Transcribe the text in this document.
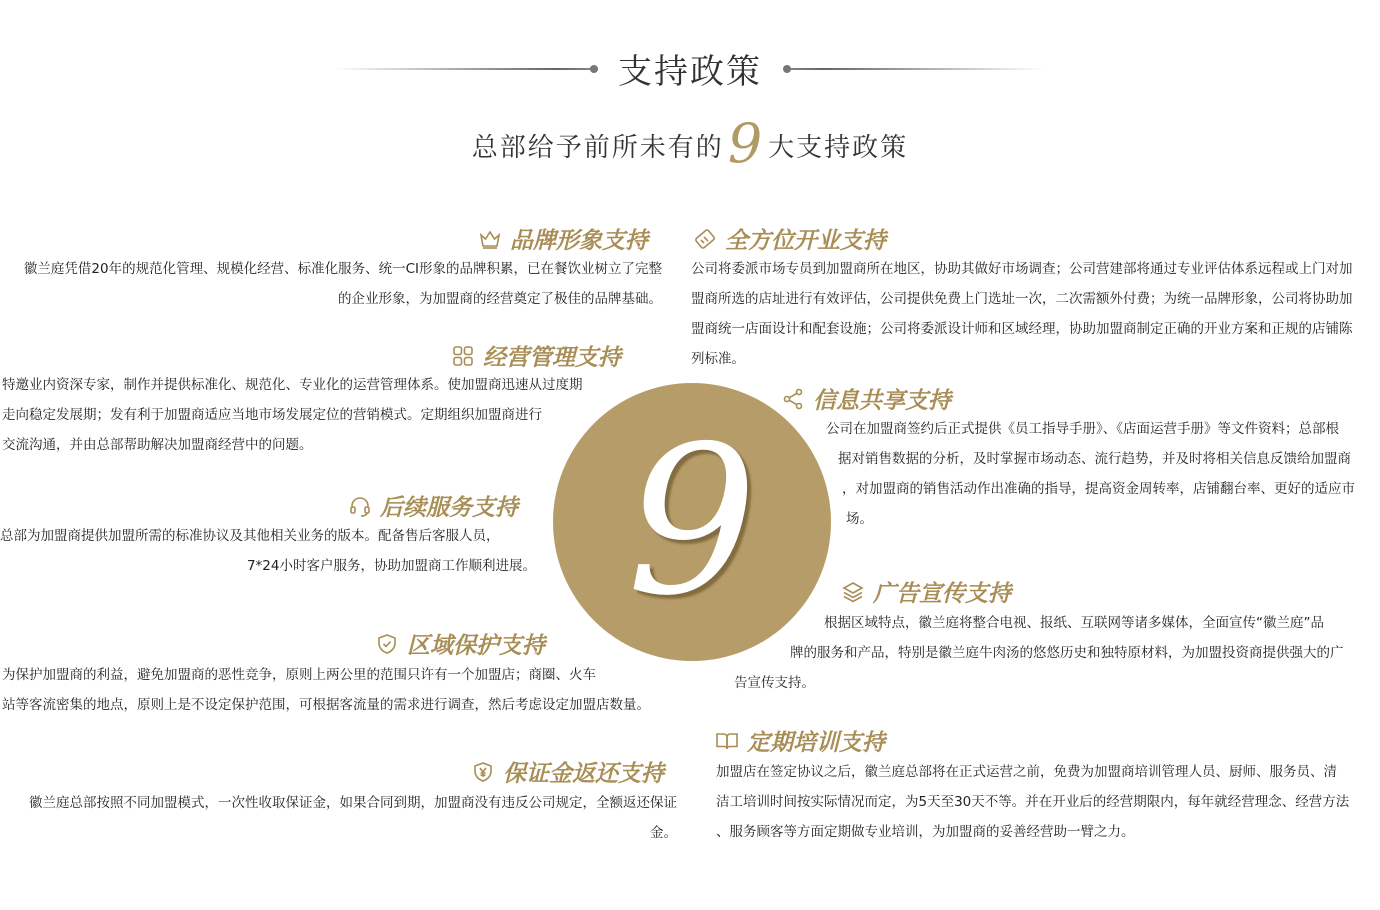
支持政策
总部给予前所未有的9 大支持政策
9
品牌形象支持
徽兰庭凭借20年的规范化管理、规模化经营、标准化服务、统一CI形象的品牌积累，已在餐饮业树立了完整
的企业形象，为加盟商的经营奠定了极佳的品牌基础。
全方位开业支持
公司将委派市场专员到加盟商所在地区，协助其做好市场调查；公司营建部将通过专业评估体系远程或上门对加
盟商所选的店址进行有效评估，公司提供免费上门选址一次，二次需额外付费；为统一品牌形象，公司将协助加
盟商统一店面设计和配套设施；公司将委派设计师和区域经理，协助加盟商制定正确的开业方案和正规的店铺陈
列标准。
经营管理支持
特邀业内资深专家，制作并提供标准化、规范化、专业化的运营管理体系。使加盟商迅速从过度期
走向稳定发展期；发有利于加盟商适应当地市场发展定位的营销模式。定期组织加盟商进行
交流沟通，并由总部帮助解决加盟商经营中的问题。
信息共享支持
公司在加盟商签约后正式提供《员工指导手册》、《店面运营手册》等文件资料；总部根
据对销售数据的分析，及时掌握市场动态、流行趋势，并及时将相关信息反馈给加盟商
，对加盟商的销售活动作出准确的指导，提高资金周转率，店铺翻台率、更好的适应市
场。
后续服务支持
总部为加盟商提供加盟所需的标准协议及其他相关业务的版本。配备售后客服人员，
7*24小时客户服务，协助加盟商工作顺利进展。
广告宣传支持
根据区域特点，徽兰庭将整合电视、报纸、互联网等诸多媒体，全面宣传“徽兰庭”品
牌的服务和产品，特别是徽兰庭牛肉汤的悠悠历史和独特原材料，为加盟投资商提供强大的广
告宣传支持。
区域保护支持
为保护加盟商的利益，避免加盟商的恶性竞争，原则上两公里的范围只许有一个加盟店；商圈、火车
站等客流密集的地点，原则上是不设定保护范围，可根据客流量的需求进行调查，然后考虑设定加盟店数量。
定期培训支持
加盟店在签定协议之后，徽兰庭总部将在正式运营之前，免费为加盟商培训管理人员、厨师、服务员、清
洁工培训时间按实际情况而定，为5天至30天不等。并在开业后的经营期限内，每年就经营理念、经营方法
、服务顾客等方面定期做专业培训，为加盟商的妥善经营助一臂之力。
保证金返还支持
徽兰庭总部按照不同加盟模式，一次性收取保证金，如果合同到期，加盟商没有违反公司规定，全额返还保证
金。
